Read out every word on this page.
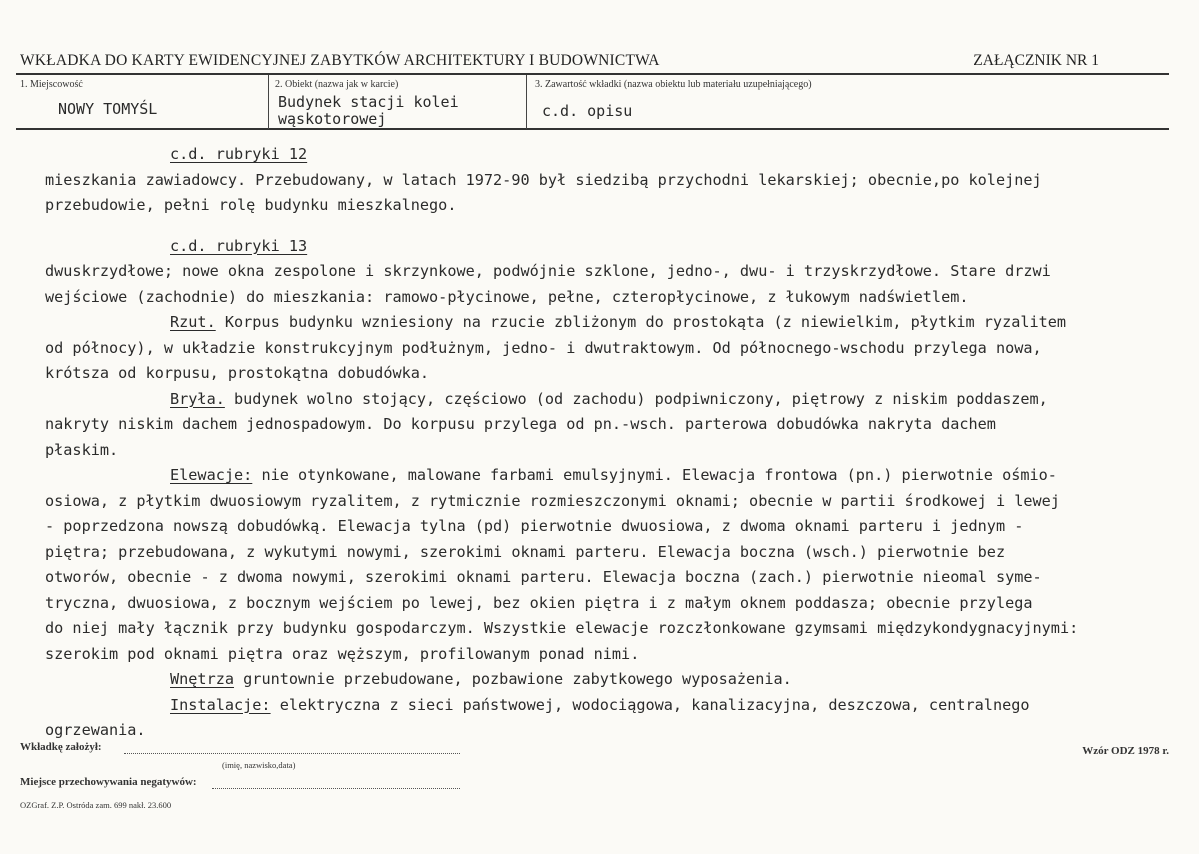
WKŁADKA DO KARTY EWIDENCYJNEJ ZABYTKÓW ARCHITEKTURY I BUDOWNICTWA	ZAŁĄCZNIK NR 1
1. Miejscowość
NOWY TOMYŚL
2. Obiekt (nazwa jak w karcie)
Budynek stacji kolei
wąskotorowej
3. Zawartość wkładki (nazwa obiektu lub materiału uzupełniającego)
c.d. opisu
c.d. rubryki 12
mieszkania zawiadowcy. Przebudowany, w latach 1972-90 był siedzibą przychodni lekarskiej; obecnie,po kolejnej
przebudowie, pełni rolę budynku mieszkalnego.
c.d. rubryki 13
dwuskrzydłowe; nowe okna zespolone i skrzynkowe, podwójnie szklone, jedno-, dwu- i trzyskrzydłowe. Stare drzwi
wejściowe (zachodnie) do mieszkania: ramowo-płycinowe, pełne, czteropłycinowe, z łukowym nadświetlem.
Rzut. Korpus budynku wzniesiony na rzucie zbliżonym do prostokąta (z niewielkim, płytkim ryzalitem
od północy), w układzie konstrukcyjnym podłużnym, jedno- i dwutraktowym. Od północnego-wschodu przylega nowa,
krótsza od korpusu, prostokątna dobudówka.
Bryła. budynek wolno stojący, częściowo (od zachodu) podpiwniczony, piętrowy z niskim poddaszem,
nakryty niskim dachem jednospadowym. Do korpusu przylega od pn.-wsch. parterowa dobudówka nakryta dachem
płaskim.
Elewacje: nie otynkowane, malowane farbami emulsyjnymi. Elewacja frontowa (pn.) pierwotnie ośmio-
osiowa, z płytkim dwuosiowym ryzalitem, z rytmicznie rozmieszczonymi oknami; obecnie w partii środkowej i lewej
- poprzedzona nowszą dobudówką. Elewacja tylna (pd) pierwotnie dwuosiowa, z dwoma oknami parteru i jednym -
piętra; przebudowana, z wykutymi nowymi, szerokimi oknami parteru. Elewacja boczna (wsch.) pierwotnie bez
otworów, obecnie - z dwoma nowymi, szerokimi oknami parteru. Elewacja boczna (zach.) pierwotnie nieomal syme-
tryczna, dwuosiowa, z bocznym wejściem po lewej, bez okien piętra i z małym oknem poddasza; obecnie przylega
do niej mały łącznik przy budynku gospodarczym. Wszystkie elewacje rozczłonkowane gzymsami międzykondygnacyjnymi:
szerokim pod oknami piętra oraz węższym, profilowanym ponad nimi.
Wnętrza gruntownie przebudowane, pozbawione zabytkowego wyposażenia.
Instalacje: elektryczna z sieci państwowej, wodociągowa, kanalizacyjna, deszczowa, centralnego
ogrzewania.
Wkładkę założył:
(imię, nazwisko,data)
Miejsce przechowywania negatywów:
Wzór ODZ 1978 r.
OZGraf. Z.P. Ostróda zam. 699 nakł. 23.600
